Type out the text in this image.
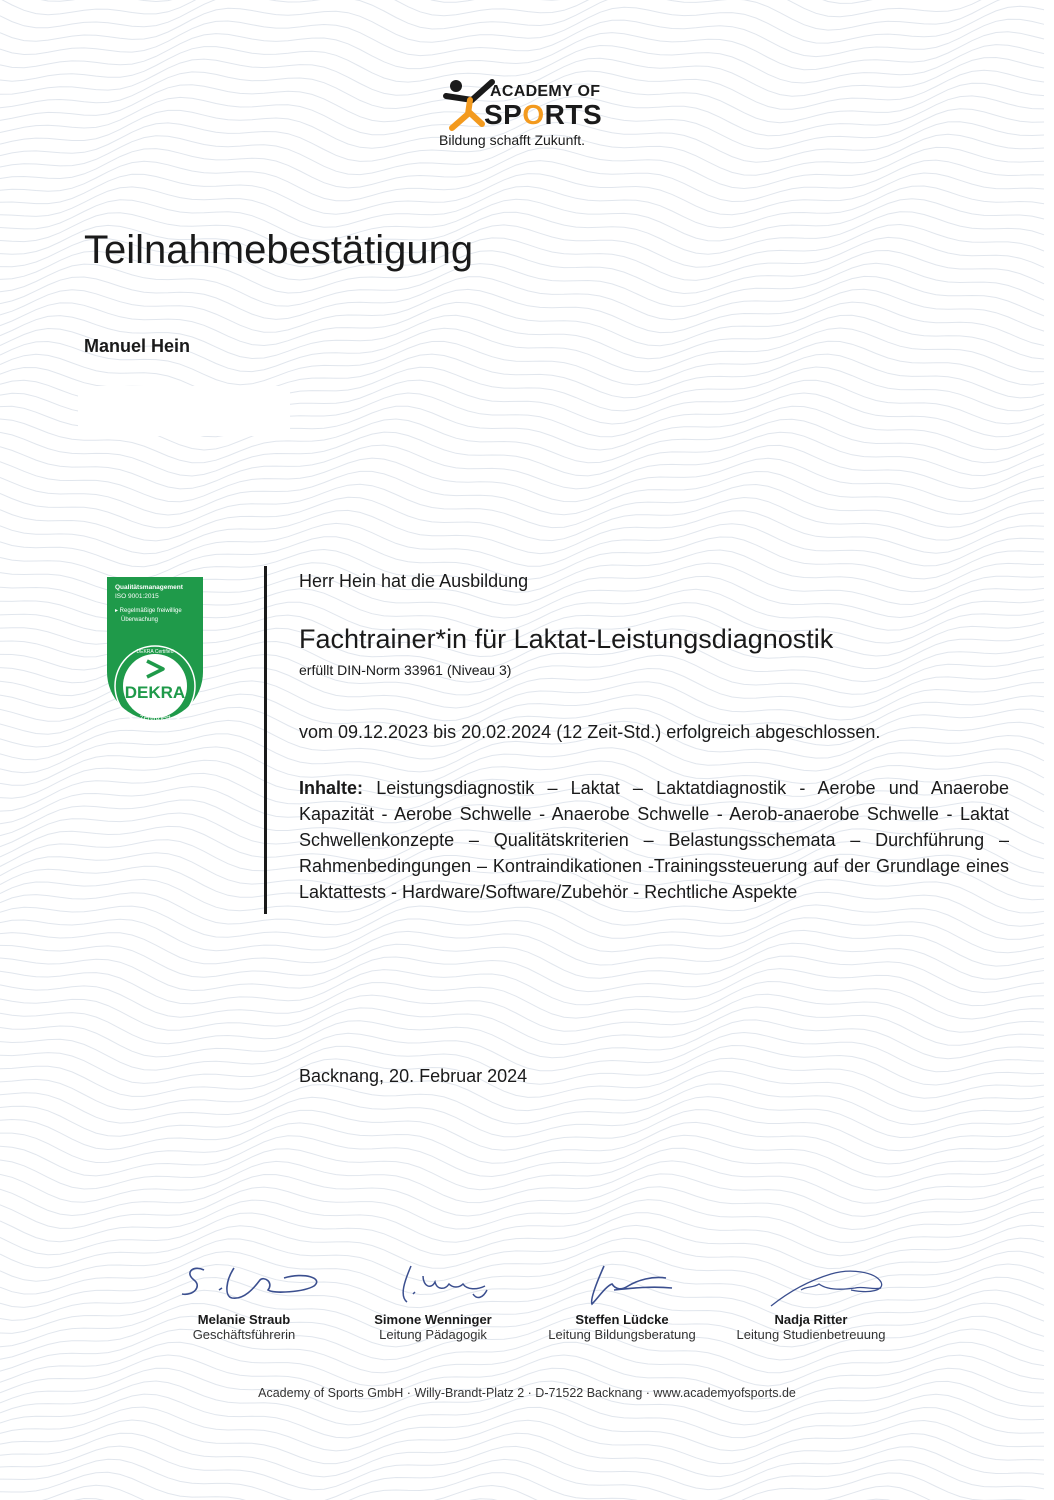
ACADEMY OF
SPORTS
Bildung schafft Zukunft.
Teilnahmebestätigung
Manuel Hein
Qualitätsmanagement
ISO 9001:2015
▸ Regelmäßige freiwillige
Überwachung
DEKRA Certified
DEKRA
Zertifiziert
Herr Hein hat die Ausbildung
Fachtrainer*in für Laktat-Leistungsdiagnostik
erfüllt DIN-Norm 33961 (Niveau 3)
vom 09.12.2023 bis 20.02.2024 (12 Zeit-Std.) erfolgreich abgeschlossen.
Inhalte: Leistungsdiagnostik – Laktat – Laktatdiagnostik - Aerobe und Anaerobe Kapazität - Aerobe Schwelle - Anaerobe Schwelle - Aerob-anaerobe Schwelle - Laktat Schwellenkonzepte – Qualitätskriterien – Belastungsschemata – Durchführung – Rahmenbedingungen – Kontraindikationen -Trainingssteuerung auf der Grundlage eines Laktattests - Hardware/Software/Zubehör - Rechtliche Aspekte
Backnang, 20. Februar 2024
Melanie Straub
Geschäftsführerin
Simone Wenninger
Leitung Pädagogik
Steffen Lüdcke
Leitung Bildungsberatung
Nadja Ritter
Leitung Studienbetreuung
Academy of Sports GmbH · Willy-Brandt-Platz 2 · D-71522 Backnang · www.academyofsports.de
